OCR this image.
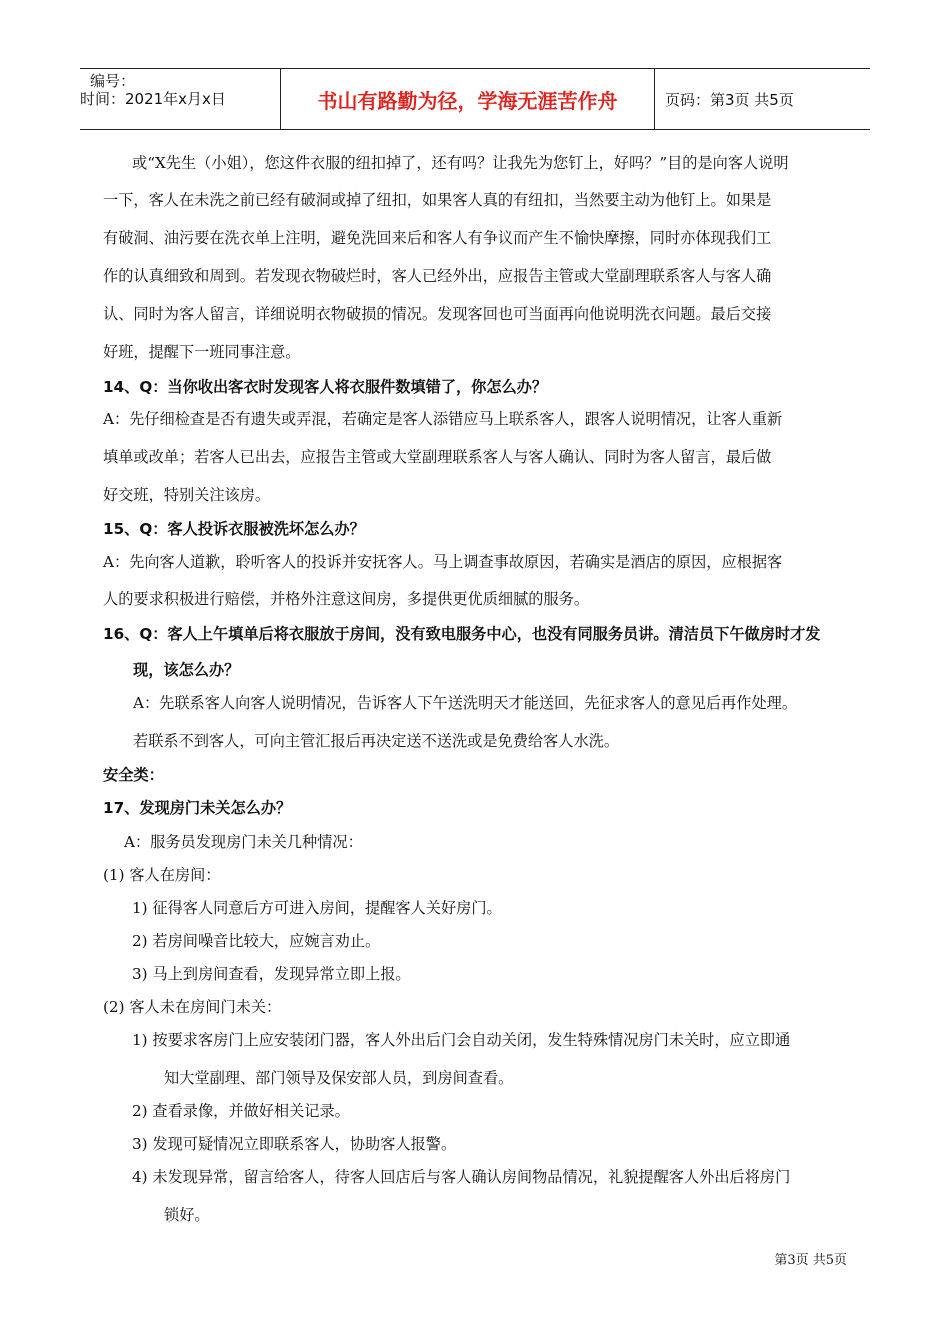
编号：
时间：2021年x月x日	书山有路勤为径，学海无涯苦作舟	页码：第3页 共5页
或“X先生（小姐），您这件衣服的纽扣掉了，还有吗？让我先为您钉上，好吗？”目的是向客人说明
一下，客人在未洗之前已经有破洞或掉了纽扣，如果客人真的有纽扣，当然要主动为他钉上。如果是
有破洞、油污要在洗衣单上注明，避免洗回来后和客人有争议而产生不愉快摩擦，同时亦体现我们工
作的认真细致和周到。若发现衣物破烂时，客人已经外出，应报告主管或大堂副理联系客人与客人确
认、同时为客人留言，详细说明衣物破损的情况。发现客回也可当面再向他说明洗衣问题。最后交接
好班，提醒下一班同事注意。
14、Q：当你收出客衣时发现客人将衣服件数填错了，你怎么办？
A：先仔细检查是否有遗失或弄混，若确定是客人添错应马上联系客人，跟客人说明情况，让客人重新
填单或改单；若客人已出去，应报告主管或大堂副理联系客人与客人确认、同时为客人留言，最后做
好交班，特别关注该房。
15、Q：客人投诉衣服被洗坏怎么办？
A：先向客人道歉，聆听客人的投诉并安抚客人。马上调查事故原因，若确实是酒店的原因，应根据客
人的要求积极进行赔偿，并格外注意这间房，多提供更优质细腻的服务。
16、Q：客人上午填单后将衣服放于房间，没有致电服务中心，也没有同服务员讲。清洁员下午做房时才发
现，该怎么办？
A：先联系客人向客人说明情况，告诉客人下午送洗明天才能送回，先征求客人的意见后再作处理。
若联系不到客人，可向主管汇报后再决定送不送洗或是免费给客人水洗。
安全类：
17、发现房门未关怎么办？
A：服务员发现房门未关几种情况：
(1) 客人在房间：
1) 征得客人同意后方可进入房间，提醒客人关好房门。
2) 若房间噪音比较大，应婉言劝止。
3) 马上到房间查看，发现异常立即上报。
(2) 客人未在房间门未关：
1) 按要求客房门上应安装闭门器，客人外出后门会自动关闭，发生特殊情况房门未关时，应立即通
知大堂副理、部门领导及保安部人员，到房间查看。
2) 查看录像，并做好相关记录。
3) 发现可疑情况立即联系客人，协助客人报警。
4) 未发现异常，留言给客人，待客人回店后与客人确认房间物品情况，礼貌提醒客人外出后将房门
锁好。
第3页 共5页
